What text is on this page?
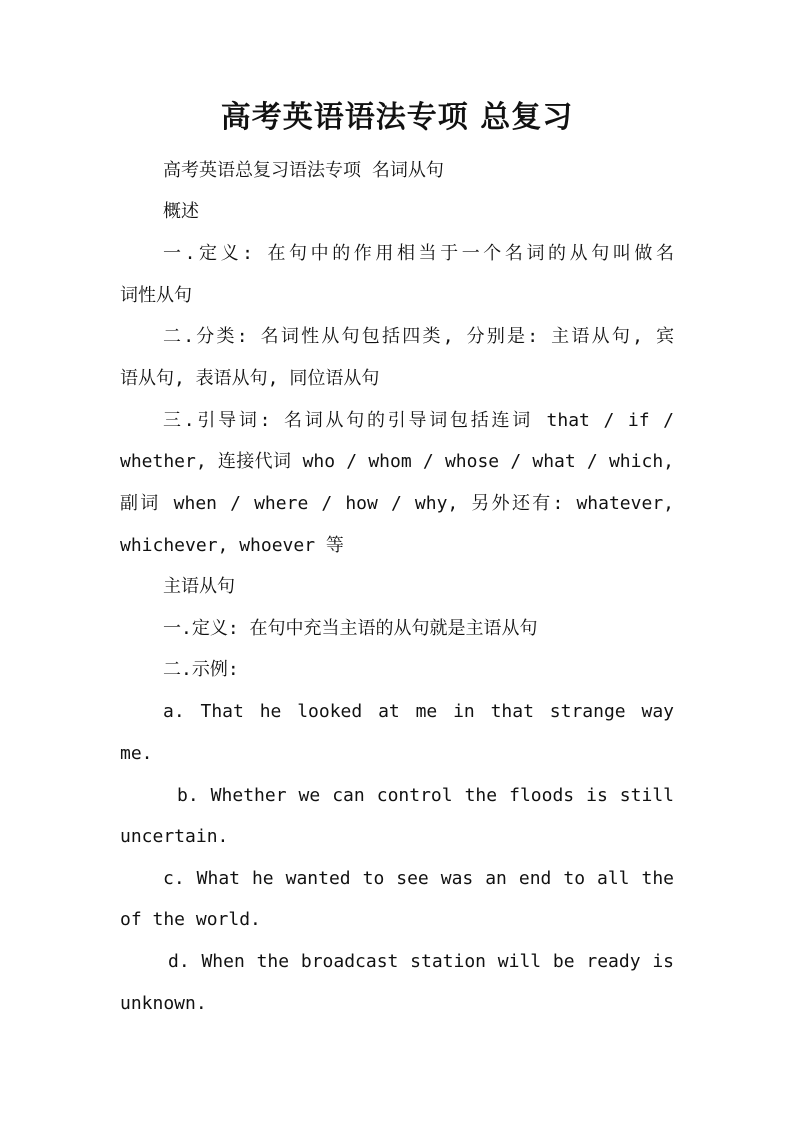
高考英语语法专项 总复习

高考英语总复习语法专项 名词从句

概述

一.定义: 在句中的作用相当于一个名词的从句叫做名

词性从句

二.分类: 名词性从句包括四类, 分别是: 主语从句, 宾

语从句, 表语从句, 同位语从句

三.引导词: 名词从句的引导词包括连词 that / if /

whether, 连接代词 who / whom / whose / what / which,

副词 when / where / how / why, 另外还有: whatever,

whichever, whoever 等

主语从句

一.定义: 在句中充当主语的从句就是主语从句

二.示例:

a. That he looked at me in that strange way

me.

b. Whether we can control the floods is still

uncertain.

c. What he wanted to see was an end to all the

of the world.

d. When the broadcast station will be ready is

unknown.
